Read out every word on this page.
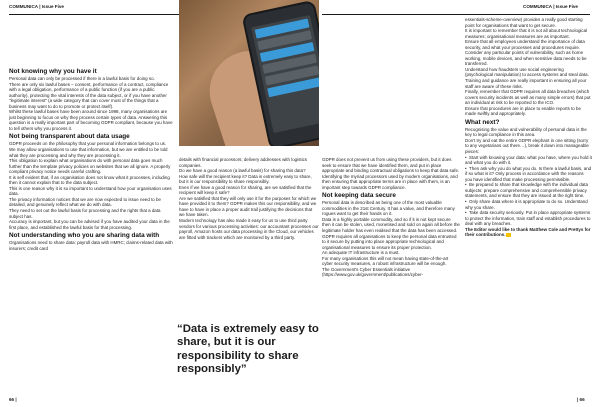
COMMUNICA | Issue Five	COMMUNICA | Issue Five
Not knowing why you have it

Personal data can only be processed if there is a lawful basis for doing so.

There are only six lawful bases – consent, performance of a contract, compliance with a legal obligation, performance of a public function (if you are a public authority), protecting the vital interests of the data subject, or if you have another "legitimate interest" (a wide category that can cover most of the things that a business may want to do to promote or protect itself).

Whilst these lawful bases have been around since 1998, many organisations are just beginning to focus on why they process certain types of data. Answering this question is a really important part of becoming GDPR compliant, because you have to tell others why you process it.

Not being transparent about data usage

GDPR proceeds on the philosophy that your personal information belongs to us.

We may allow organisations to use that information, but we are entitled to be told what they are processing and why they are processing it.

This obligation to explain what organisations do with personal data goes much further than the template privacy policies on websites that we all ignore. A properly compliant privacy notice needs careful crafting.

It is self evident that, if an organisation does not know what it processes, including then it cannot explain that to the data subject.

This is one reason why it is so important to understand how your organisation uses data.

The privacy information notices that we are now expected to issue need to be detailed, and genuinely reflect what we do with data.

They need to set out the lawful basis for processing and the rights that a data subject has.

Accuracy is important, but you can be advised if you have audited your data in the first place, and established the lawful basis for that processing.

Not understanding who you are sharing data with

Organisations need to share data: payroll data with HMRC; claims-related data with insurers; credit card

details with financial processors; delivery addresses with logistics companies.

Do we have a good reason (a lawful basis) for sharing this data?

How safe will the recipient keep it? Data is extremely easy to share, but it is our responsibility to share responsibly.

Even if we have a good reason for sharing, are we satisfied that the recipient will keep it safe?

Are we satisfied that they will only use it for the purposes for which we have provided it to them? GDPR makes this our responsibility, and we have to have in place a proper audit trail justifying the decisions that we have taken.

Modern technology has also made it easy for us to use third party vendors for various processing activities: our accountant processes our payroll, Amazon hosts our data processing in the Cloud, our vehicles are fitted with trackers which are monitored by a third party.

“Data is extremely easy to share, but it is our responsibility to share responsibly”

GDPR does not prevent us from using these providers, but it does seek to ensure that we have identified them, and put in place appropriate and binding contractual obligations to keep that data safe.

Identifying the myriad processors used by modern organisations, and then ensuring that appropriate terms are in place with them, is an important step towards GDPR compliance.

Not keeping data secure

Personal data is described as being one of the most valuable commodities in the 21st Century. It has a value, and therefore many rogues want to get their hands on it.

Data is a highly portable commodity, and so if it is not kept secure then it can be stolen, used, monetised and sold on again all before the legitimate holder has even realised that the data has been accessed.

GDPR requires all organisations to keep the personal data entrusted to it secure by putting into place appropriate technological and organisational measures to ensure its proper protection.

An adequate IT infrastructure is a must.

For many organisations this will not mean having state-of-the-art cyber security measures, a robust infrastructure will be enough.

The Government's Cyber Essentials initiative (https://www.gov.uk/government/publications/cyber-

essentials-scheme-overview) provides a really good starting point for organisations that want to get secure.

It is important to remember that it is not all about technological measures; organisational measures are as important.

Ensure that all employees understand the importance of data security, and what your processes and procedures require.

Consider any particular points of vulnerability, such as home working, mobile devices, and when sensitive data needs to be transferred.

Understand how fraudsters use social engineering (psychological manipulation) to access systems and steal data.

Training and guidance are really important in ensuring all your staff are aware of these risks.

Finally, remember that GDPR requires all data breaches (which covers security incidents as well as many simple errors) that put an individual at risk to be reported to the ICO.

Ensure that procedures are in place to enable reports to be made swiftly and appropriately.

What next?

Recognising the value and vulnerability of personal data is the key to legal compliance in this area.

Don't try and eat the entire GDPR elephant in one sitting (sorry to any vegetarians out there…), break it down into manageable pieces:

•  Start with knowing your data: what you have, where you hold it and what you do with it.

•  Then ask why you do what you do. Is there a lawful basis, and if so what is it? Only process in accordance with the reasons you have identified that make processing permissible.

•  Be prepared to share that knowledge with the individual data subjects: prepare comprehensive and comprehensible privacy statements, and ensure that they are issued at the right time.

•  Only share data where it is appropriate to do so. Understand why you share.

•  Take data security seriously. Put in place appropriate systems to protect the information, train staff and establish procedures to deal with any breaches.

The Editor would like to thank Matthew Cole and Prettys for their contributions.

66 |	| 66
